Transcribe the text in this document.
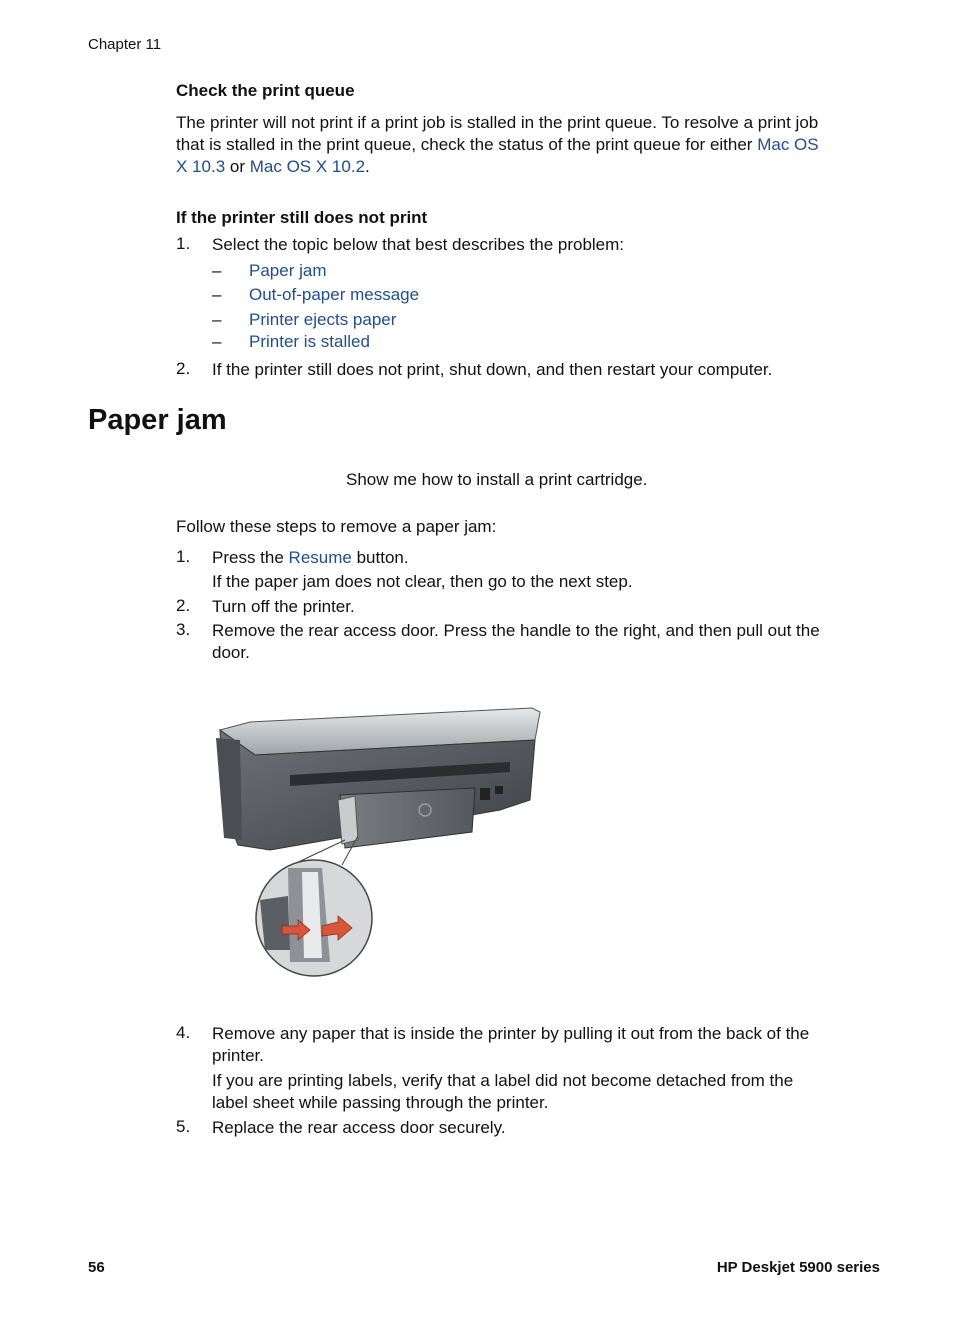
Chapter 11
Check the print queue
The printer will not print if a print job is stalled in the print queue. To resolve a print job
that is stalled in the print queue, check the status of the print queue for either Mac OS
X 10.3 or Mac OS X 10.2.
If the printer still does not print
1. Select the topic below that best describes the problem:
– Paper jam
– Out-of-paper message
– Printer ejects paper
– Printer is stalled
2. If the printer still does not print, shut down, and then restart your computer.
Paper jam
Show me how to install a print cartridge.
Follow these steps to remove a paper jam:
1. Press the Resume button.
If the paper jam does not clear, then go to the next step.
2. Turn off the printer.
3. Remove the rear access door. Press the handle to the right, and then pull out the
door.
4. Remove any paper that is inside the printer by pulling it out from the back of the
printer.
If you are printing labels, verify that a label did not become detached from the
label sheet while passing through the printer.
5. Replace the rear access door securely.
56	HP Deskjet 5900 series
